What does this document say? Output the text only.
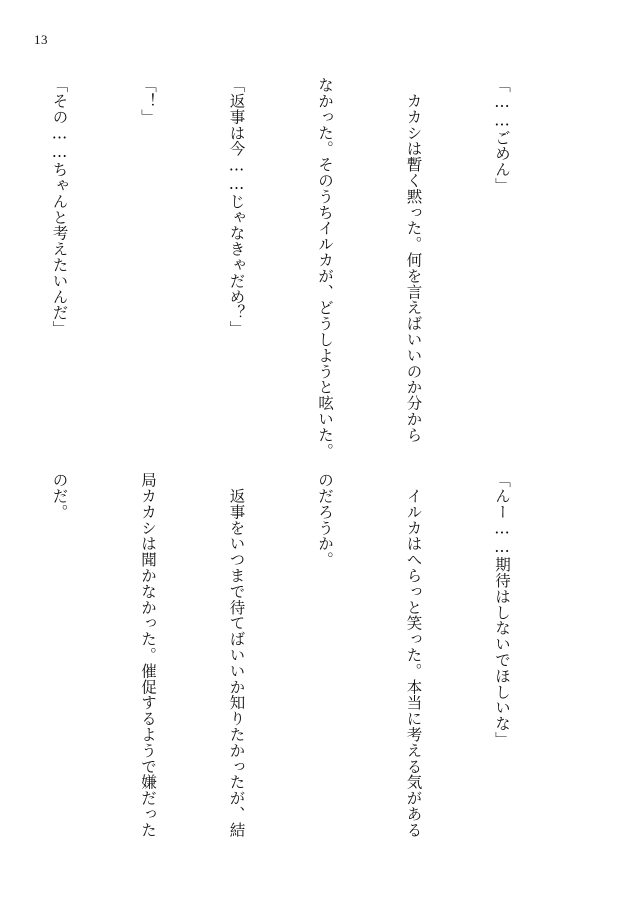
13

「……ごめん」

　カカシは暫く黙った。何を言えばいいのか分から

なかった。そのうちイルカが、どうしようと呟いた。

「返事は今……じゃなきゃだめ？」

「！」

「その……ちゃんと考えたいんだ」

「んー……期待はしないでほしいな」

　イルカはへらっと笑った。本当に考える気がある

のだろうか。

　返事をいつまで待てばいいか知りたかったが、結

局カカシは聞かなかった。催促するようで嫌だった

のだ。
